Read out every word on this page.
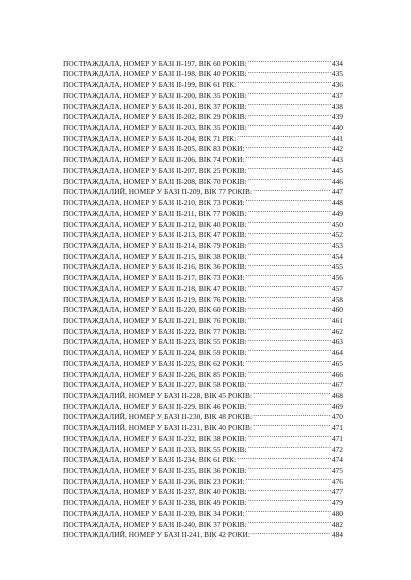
ПОСТРАЖДАЛА, НОМЕР У БАЗІ II-197, ВІК 60 РОКІВ: .....	434
ПОСТРАЖДАЛА, НОМЕР У БАЗІ II-198, ВІК 40 РОКІВ: .....	435
ПОСТРАЖДАЛА, НОМЕР У БАЗІ II-199, ВІК 61 РІК: .....	436
ПОСТРАЖДАЛА, НОМЕР У БАЗІ II-200, ВІК 35 РОКІВ: .....	437
ПОСТРАЖДАЛА, НОМЕР У БАЗІ II-201, ВІК 37 РОКІВ: .....	438
ПОСТРАЖДАЛА, НОМЕР У БАЗІ II-202, ВІК 29 РОКІВ: .....	439
ПОСТРАЖДАЛА, НОМЕР У БАЗІ II-203, ВІК 35 РОКІВ: .....	440
ПОСТРАЖДАЛА, НОМЕР У БАЗІ II-204, ВІК 71 РІК: .....	441
ПОСТРАЖДАЛА, НОМЕР У БАЗІ II-205, ВІК 83 РОКИ: .....	442
ПОСТРАЖДАЛА, НОМЕР У БАЗІ II-206, ВІК 74 РОКИ: .....	443
ПОСТРАЖДАЛА, НОМЕР У БАЗІ II-207, ВІК 25 РОКІВ: .....	445
ПОСТРАЖДАЛА, НОМЕР У БАЗІ II-208, ВІК 70 РОКІВ: .....	446
ПОСТРАЖДАЛИЙ, НОМЕР У БАЗІ II-209, ВІК 77 РОКІВ: .....	447
ПОСТРАЖДАЛА, НОМЕР У БАЗІ II-210, ВІК 73 РОКИ: .....	448
ПОСТРАЖДАЛА, НОМЕР У БАЗІ II-211, ВІК 77 РОКІВ: .....	449
ПОСТРАЖДАЛА, НОМЕР У БАЗІ II-212, ВІК 40 РОКІВ: .....	450
ПОСТРАЖДАЛА, НОМЕР У БАЗІ II-213, ВІК 47 РОКІВ: .....	452
ПОСТРАЖДАЛА, НОМЕР У БАЗІ II-214, ВІК 79 РОКІВ: .....	453
ПОСТРАЖДАЛА, НОМЕР У БАЗІ II-215, ВІК 38 РОКІВ: .....	454
ПОСТРАЖДАЛА, НОМЕР У БАЗІ II-216, ВІК 36 РОКІВ: .....	455
ПОСТРАЖДАЛА, НОМЕР У БАЗІ II-217, ВІК 73 РОКИ: .....	456
ПОСТРАЖДАЛА, НОМЕР У БАЗІ II-218, ВІК 47 РОКІВ: .....	457
ПОСТРАЖДАЛА, НОМЕР У БАЗІ II-219, ВІК 76 РОКІВ: .....	458
ПОСТРАЖДАЛА, НОМЕР У БАЗІ II-220, ВІК 60 РОКІВ: .....	460
ПОСТРАЖДАЛА, НОМЕР У БАЗІ II-221, ВІК 76 РОКІВ: .....	461
ПОСТРАЖДАЛА, НОМЕР У БАЗІ II-222, ВІК 77 РОКІВ: .....	462
ПОСТРАЖДАЛА, НОМЕР У БАЗІ II-223, ВІК 55 РОКІВ: .....	463
ПОСТРАЖДАЛА, НОМЕР У БАЗІ II-224, ВІК 59 РОКІВ: .....	464
ПОСТРАЖДАЛА, НОМЕР У БАЗІ II-225, ВІК 62 РОКИ: .....	465
ПОСТРАЖДАЛА, НОМЕР У БАЗІ II-226, ВІК 85 РОКІВ: .....	466
ПОСТРАЖДАЛА, НОМЕР У БАЗІ II-227, ВІК 58 РОКІВ: .....	467
ПОСТРАЖДАЛИЙ, НОМЕР У БАЗІ II-228, ВІК 45 РОКІВ: .....	468
ПОСТРАЖДАЛА, НОМЕР У БАЗІ II-229, ВІК 46 РОКІВ: .....	469
ПОСТРАЖДАЛИЙ, НОМЕР У БАЗІ II-230, ВІК 48 РОКІВ: .....	470
ПОСТРАЖДАЛИЙ, НОМЕР У БАЗІ II-231, ВІК 40 РОКІВ: .....	471
ПОСТРАЖДАЛА, НОМЕР У БАЗІ II-232, ВІК 38 РОКІВ: .....	471
ПОСТРАЖДАЛА, НОМЕР У БАЗІ II-233, ВІК 55 РОКІВ: .....	472
ПОСТРАЖДАЛА, НОМЕР У БАЗІ II-234, ВІК 61 РІК: .....	474
ПОСТРАЖДАЛА, НОМЕР У БАЗІ II-235, ВІК 36 РОКІВ: .....	475
ПОСТРАЖДАЛА, НОМЕР У БАЗІ II-236, ВІК 23 РОКИ: .....	476
ПОСТРАЖДАЛА, НОМЕР У БАЗІ II-237, ВІК 40 РОКІВ: .....	477
ПОСТРАЖДАЛА, НОМЕР У БАЗІ II-238, ВІК 49 РОКІВ: .....	479
ПОСТРАЖДАЛА, НОМЕР У БАЗІ II-239, ВІК 34 РОКИ: .....	480
ПОСТРАЖДАЛА, НОМЕР У БАЗІ II-240, ВІК 37 РОКІВ: .....	482
ПОСТРАЖДАЛИЙ, НОМЕР У БАЗІ II-241, ВІК 42 РОКИ: .....	484
